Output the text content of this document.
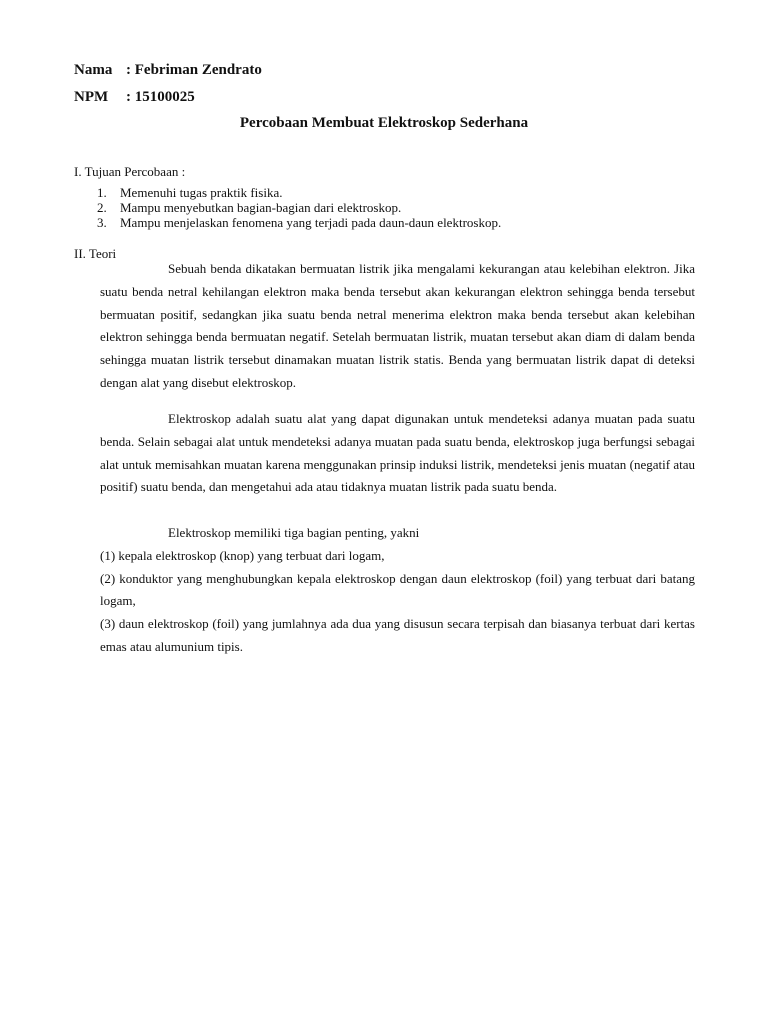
Nama : Febriman Zendrato
NPM : 15100025
Percobaan Membuat Elektroskop Sederhana
I. Tujuan Percobaan :
1. Memenuhi tugas praktik fisika.
2. Mampu menyebutkan bagian-bagian dari elektroskop.
3. Mampu menjelaskan fenomena yang terjadi pada daun-daun elektroskop.
II. Teori
Sebuah benda dikatakan bermuatan listrik jika mengalami kekurangan atau kelebihan elektron. Jika suatu benda netral kehilangan elektron maka benda tersebut akan kekurangan elektron sehingga benda tersebut bermuatan positif, sedangkan jika suatu benda netral menerima elektron maka benda tersebut akan kelebihan elektron sehingga benda bermuatan negatif. Setelah bermuatan listrik, muatan tersebut akan diam di dalam benda sehingga muatan listrik tersebut dinamakan muatan listrik statis. Benda yang bermuatan listrik dapat di deteksi dengan alat yang disebut elektroskop.
Elektroskop adalah suatu alat yang dapat digunakan untuk mendeteksi adanya muatan pada suatu benda. Selain sebagai alat untuk mendeteksi adanya muatan pada suatu benda, elektroskop juga berfungsi sebagai alat untuk memisahkan muatan karena menggunakan prinsip induksi listrik, mendeteksi jenis muatan (negatif atau positif) suatu benda, dan mengetahui ada atau tidaknya muatan listrik pada suatu benda.
Elektroskop memiliki tiga bagian penting, yakni
(1) kepala elektroskop (knop) yang terbuat dari logam,
(2) konduktor yang menghubungkan kepala elektroskop dengan daun elektroskop (foil) yang terbuat dari batang logam,
(3) daun elektroskop (foil) yang jumlahnya ada dua yang disusun secara terpisah dan biasanya terbuat dari kertas emas atau alumunium tipis.
